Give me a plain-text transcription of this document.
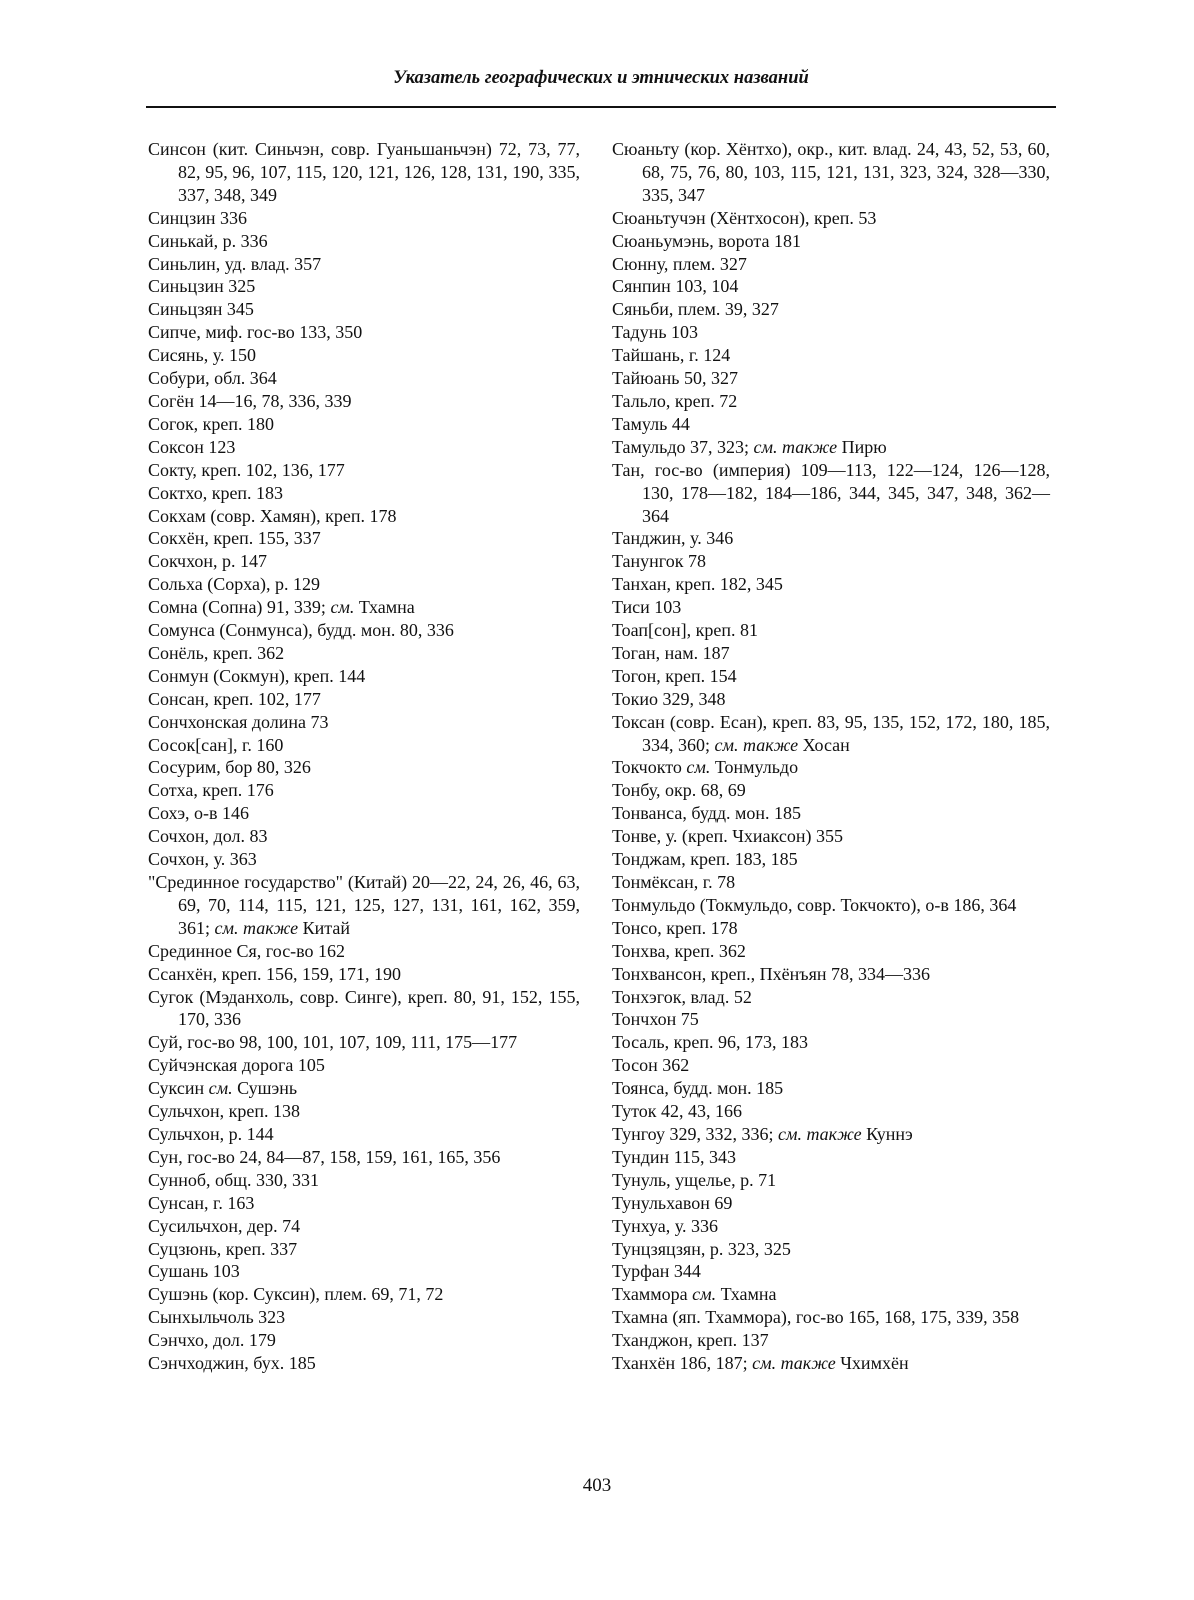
Указатель географических и этнических названий
Синсон (кит. Синьчэн, совр. Гуаньшаньчэн) 72, 73, 77, 82, 95, 96, 107, 115, 120, 121, 126, 128, 131, 190, 335, 337, 348, 349
Синцзин 336
Синькай, р. 336
Синьлин, уд. влад. 357
Синьцзин 325
Синьцзян 345
Сипче, миф. гос-во 133, 350
Сисянь, у. 150
Собури, обл. 364
Согён 14—16, 78, 336, 339
Согок, креп. 180
Соксон 123
Сокту, креп. 102, 136, 177
Соктхо, креп. 183
Сокхам (совр. Хамян), креп. 178
Сокхён, креп. 155, 337
Сокчхон, р. 147
Сольха (Сорха), р. 129
Сомна (Сопна) 91, 339; см. Тхамна
Сомунса (Сонмунса), будд. мон. 80, 336
Сонёль, креп. 362
Сонмун (Сокмун), креп. 144
Сонсан, креп. 102, 177
Сончхонская долина 73
Сосок[сан], г. 160
Сосурим, бор 80, 326
Сотха, креп. 176
Сохэ, о-в 146
Сочхон, дол. 83
Сочхон, у. 363
"Срединное государство" (Китай) 20—22, 24, 26, 46, 63, 69, 70, 114, 115, 121, 125, 127, 131, 161, 162, 359, 361; см. также Китай
Срединное Ся, гос-во 162
Ссанхён, креп. 156, 159, 171, 190
Сугок (Мэданхоль, совр. Синге), креп. 80, 91, 152, 155, 170, 336
Суй, гос-во 98, 100, 101, 107, 109, 111, 175—177
Суйчэнская дорога 105
Суксин см. Сушэнь
Сульчхон, креп. 138
Сульчхон, р. 144
Сун, гос-во 24, 84—87, 158, 159, 161, 165, 356
Сунноб, общ. 330, 331
Сунсан, г. 163
Сусильчхон, дер. 74
Суцзюнь, креп. 337
Сушань 103
Сушэнь (кор. Суксин), плем. 69, 71, 72
Сынхыльчоль 323
Сэнчхо, дол. 179
Сэнчходжин, бух. 185
Сюаньту (кор. Хёнтхо), окр., кит. влад. 24, 43, 52, 53, 60, 68, 75, 76, 80, 103, 115, 121, 131, 323, 324, 328—330, 335, 347
Сюаньтучэн (Хёнтхосон), креп. 53
Сюаньумэнь, ворота 181
Сюнну, плем. 327
Сянпин 103, 104
Сяньби, плем. 39, 327
Тадунь 103
Тайшань, г. 124
Тайюань 50, 327
Тальло, креп. 72
Тамуль 44
Тамульдо 37, 323; см. также Пирю
Тан, гос-во (империя) 109—113, 122—124, 126—128, 130, 178—182, 184—186, 344, 345, 347, 348, 362—364
Танджин, у. 346
Танунгок 78
Танхан, креп. 182, 345
Тиси 103
Тоап[сон], креп. 81
Тоган, нам. 187
Тогон, креп. 154
Токио 329, 348
Токсан (совр. Есан), креп. 83, 95, 135, 152, 172, 180, 185, 334, 360; см. также Хосан
Токчокто см. Тонмульдо
Тонбу, окр. 68, 69
Тонванса, будд. мон. 185
Тонве, у. (креп. Чхиаксон) 355
Тонджам, креп. 183, 185
Тонмёксан, г. 78
Тонмульдо (Токмульдо, совр. Токчокто), о-в 186, 364
Тонсо, креп. 178
Тонхва, креп. 362
Тонхвансон, креп., Пхёнъян 78, 334—336
Тонхэгок, влад. 52
Тончхон 75
Тосаль, креп. 96, 173, 183
Тосон 362
Тоянса, будд. мон. 185
Туток 42, 43, 166
Тунгоу 329, 332, 336; см. также Куннэ
Тундин 115, 343
Тунуль, ущелье, р. 71
Тунульхавон 69
Тунхуа, у. 336
Тунцзяцзян, р. 323, 325
Турфан 344
Тхаммора см. Тхамна
Тхамна (яп. Тхаммора), гос-во 165, 168, 175, 339, 358
Тханджон, креп. 137
Тханхён 186, 187; см. также Чхимхён
403
